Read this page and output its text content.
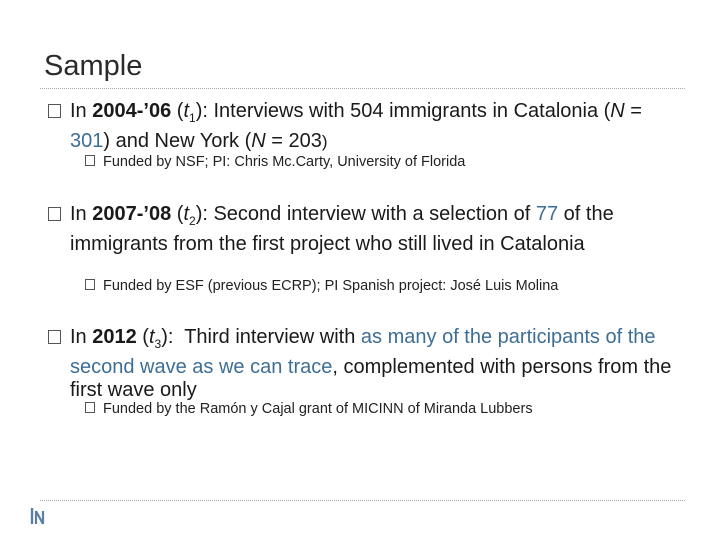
Sample
In 2004-’06 $(t_1)$: Interviews with 504 immigrants in Catalonia (N = 301) and New York (N = 203)
Funded by NSF; PI: Chris Mc.Carty, University of Florida
In 2007-’08 $(t_2)$: Second interview with a selection of 77 of the immigrants from the first project who still lived in Catalonia
Funded by ESF (previous ECRP); PI Spanish project: José Luis Molina
In 2012 $(t_3)$:  Third interview with as many of the participants of the second wave as we can trace, complemented with persons from the first wave only
Funded by the Ramón y Cajal grant of MICINN of Miranda Lubbers
